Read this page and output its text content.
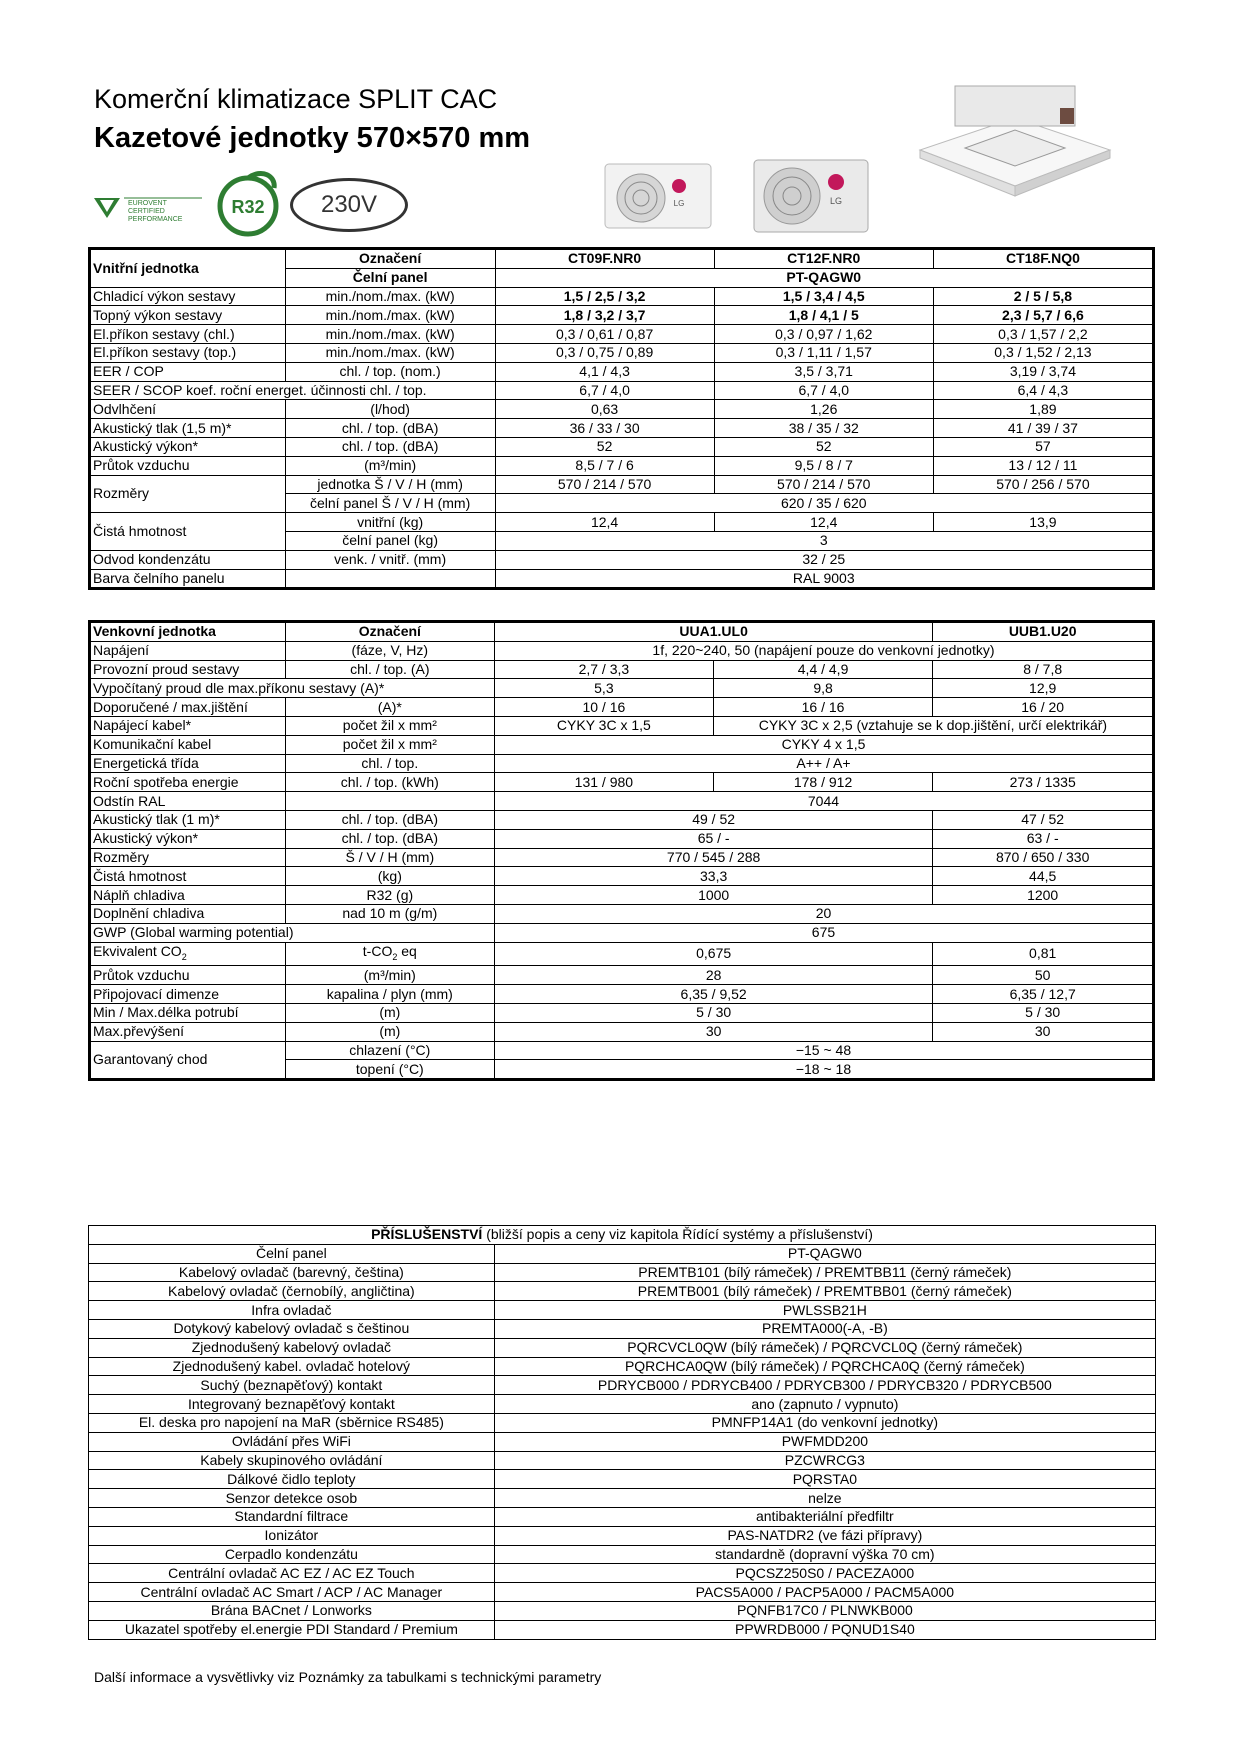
Komerční klimatizace SPLIT CAC
Kazetové jednotky 570×570 mm
EUROVENT
CERTIFIED
PERFORMANCE
R32	230V	LG	LG
Vnitřní jednotka	Označení	CT09F.NR0	CT12F.NR0	CT18F.NQ0
	Čelní panel	PT-QAGW0		
Chladicí výkon sestavy	min./nom./max. (kW)	1,5 / 2,5 / 3,2	1,5 / 3,4 / 4,5	2 / 5 / 5,8
Topný výkon sestavy	min./nom./max. (kW)	1,8 / 3,2 / 3,7	1,8 / 4,1 / 5	2,3 / 5,7 / 6,6
El.příkon sestavy (chl.)	min./nom./max. (kW)	0,3 / 0,61 / 0,87	0,3 / 0,97 / 1,62	0,3 / 1,57 / 2,2
El.příkon sestavy (top.)	min./nom./max. (kW)	0,3 / 0,75 / 0,89	0,3 / 1,11 / 1,57	0,3 / 1,52 / 2,13
EER / COP	chl. / top. (nom.)	4,1 / 4,3	3,5 / 3,71	3,19 / 3,74
SEER / SCOP koef. roční energet. účinnosti chl. / top.		6,7 / 4,0	6,7 / 4,0	6,4 / 4,3
Odvlhčení	(l/hod)	0,63	1,26	1,89
Akustický tlak (1,5 m)*	chl. / top. (dBA)	36 / 33 / 30	38 / 35 / 32	41 / 39 / 37
Akustický výkon*	chl. / top. (dBA)	52	52	57
Průtok vzduchu	(m³/min)	8,5 / 7 / 6	9,5 / 8 / 7	13 / 12 / 11
Rozměry	jednotka Š / V / H (mm)	570 / 214 / 570	570 / 214 / 570	570 / 256 / 570
	čelní panel Š / V / H (mm)	620 / 35 / 620		
Čistá hmotnost	vnitřní (kg)	12,4	12,4	13,9
	čelní panel (kg)	3		
Odvod kondenzátu	venk. / vnitř. (mm)	32 / 25		
Barva čelního panelu		RAL 9003		
Venkovní jednotka	Označení	UUA1.UL0		UUB1.U20
Napájení	(fáze, V, Hz)	1f, 220~240, 50 (napájení pouze do venkovní jednotky)		
Provozní proud sestavy	chl. / top. (A)	2,7 / 3,3	4,4 / 4,9	8 / 7,8
Vypočítaný proud dle max.příkonu sestavy (A)*		5,3	9,8	12,9
Doporučené / max.jištění	(A)*	10 / 16	16 / 16	16 / 20
Napájecí kabel*	počet žil x mm²	CYKY 3C x 1,5	CYKY 3C x 2,5 (vztahuje se k dop.jištění, určí elektrikář)	
Komunikační kabel	počet žil x mm²	CYKY 4 x 1,5		
Energetická třída	chl. / top.	A++ / A+		
Roční spotřeba energie	chl. / top. (kWh)	131 / 980	178 / 912	273 / 1335
Odstín RAL		7044		
Akustický tlak (1 m)*	chl. / top. (dBA)	49 / 52		47 / 52
Akustický výkon*	chl. / top. (dBA)	65 / -		63 / -
Rozměry	Š / V / H (mm)	770 / 545 / 288		870 / 650 / 330
Čistá hmotnost	(kg)	33,3		44,5
Náplň chladiva	R32 (g)	1000		1200
Doplnění chladiva	nad 10 m (g/m)	20		
GWP (Global warming potential)		675		
Ekvivalent $CO_2$	$t-CO_2$ eq	0,675		0,81
Průtok vzduchu	(m³/min)	28		50
Připojovací dimenze	kapalina / plyn (mm)	6,35 / 9,52		6,35 / 12,7
Min / Max.délka potrubí	(m)	5 / 30		5 / 30
Max.převýšení	(m)	30		30
Garantovaný chod	chlazení (°C)	−15 ~ 48		
	topení (°C)	−18 ~ 18		
PŘÍSLUŠENSTVÍ (bližší popis a ceny viz kapitola Řídící systémy a příslušenství)	
Čelní panel	PT-QAGW0
Kabelový ovladač (barevný, čeština)	PREMTB101 (bílý rámeček) / PREMTBB11 (černý rámeček)
Kabelový ovladač (černobílý, angličtina)	PREMTB001 (bílý rámeček) / PREMTBB01 (černý rámeček)
Infra ovladač	PWLSSB21H
Dotykový kabelový ovladač s češtinou	PREMTA000(-A, -B)
Zjednodušený kabelový ovladač	PQRCVCL0QW (bílý rámeček) / PQRCVCL0Q (černý rámeček)
Zjednodušený kabel. ovladač hotelový	PQRCHCA0QW (bílý rámeček) / PQRCHCA0Q (černý rámeček)
Suchý (beznapěťový) kontakt	PDRYCB000 / PDRYCB400 / PDRYCB300 / PDRYCB320 / PDRYCB500
Integrovaný beznapěťový kontakt	ano (zapnuto / vypnuto)
El. deska pro napojení na MaR (sběrnice RS485)	PMNFP14A1 (do venkovní jednotky)
Ovládání přes WiFi	PWFMDD200
Kabely skupinového ovládání	PZCWRCG3
Dálkové čidlo teploty	PQRSTA0
Senzor detekce osob	nelze
Standardní filtrace	antibakteriální předfiltr
Ionizátor	PAS-NATDR2 (ve fázi přípravy)
Cerpadlo kondenzátu	standardně (dopravní výška 70 cm)
Centrální ovladač AC EZ / AC EZ Touch	PQCSZ250S0 / PACEZA000
Centrální ovladač AC Smart / ACP / AC Manager	PACS5A000 / PACP5A000 / PACM5A000
Brána BACnet / Lonworks	PQNFB17C0 / PLNWKB000
Ukazatel spotřeby el.energie PDI Standard / Premium	PPWRDB000 / PQNUD1S40
Další informace a vysvětlivky viz Poznámky za tabulkami s technickými parametry
